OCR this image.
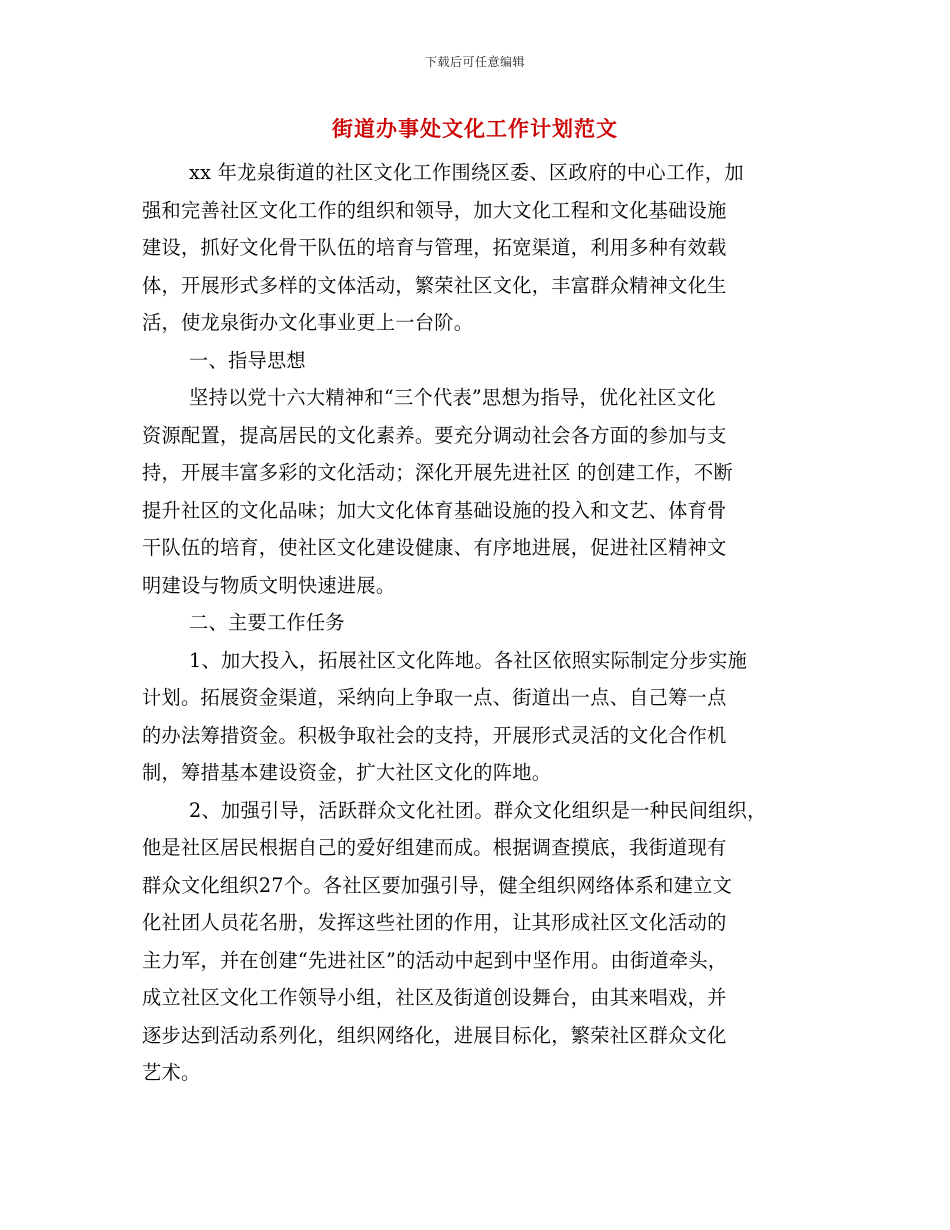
下载后可任意编辑
街道办事处文化工作计划范文

xx 年龙泉街道的社区文化工作围绕区委、区政府的中心工作，加
强和完善社区文化工作的组织和领导，加大文化工程和文化基础设施
建设，抓好文化骨干队伍的培育与管理，拓宽渠道，利用多种有效载
体，开展形式多样的文体活动，繁荣社区文化，丰富群众精神文化生
活，使龙泉街办文化事业更上一台阶。

一、指导思想

坚持以党十六大精神和“三个代表”思想为指导，优化社区文化
资源配置，提高居民的文化素养。要充分调动社会各方面的参加与支
持，开展丰富多彩的文化活动；深化开展先进社区 的创建工作，不断
提升社区的文化品味；加大文化体育基础设施的投入和文艺、体育骨
干队伍的培育，使社区文化建设健康、有序地进展，促进社区精神文
明建设与物质文明快速进展。

二、主要工作任务

1、加大投入，拓展社区文化阵地。各社区依照实际制定分步实施
计划。拓展资金渠道，采纳向上争取一点、街道出一点、自己筹一点
的办法筹措资金。积极争取社会的支持，开展形式灵活的文化合作机
制，筹措基本建设资金，扩大社区文化的阵地。

2、加强引导，活跃群众文化社团。群众文化组织是一种民间组织，
他是社区居民根据自己的爱好组建而成。根据调查摸底，我街道现有
群众文化组织27个。各社区要加强引导，健全组织网络体系和建立文
化社团人员花名册，发挥这些社团的作用，让其形成社区文化活动的
主力军，并在创建“先进社区”的活动中起到中坚作用。由街道牵头，
成立社区文化工作领导小组，社区及街道创设舞台，由其来唱戏，并
逐步达到活动系列化，组织网络化，进展目标化，繁荣社区群众文化
艺术。
